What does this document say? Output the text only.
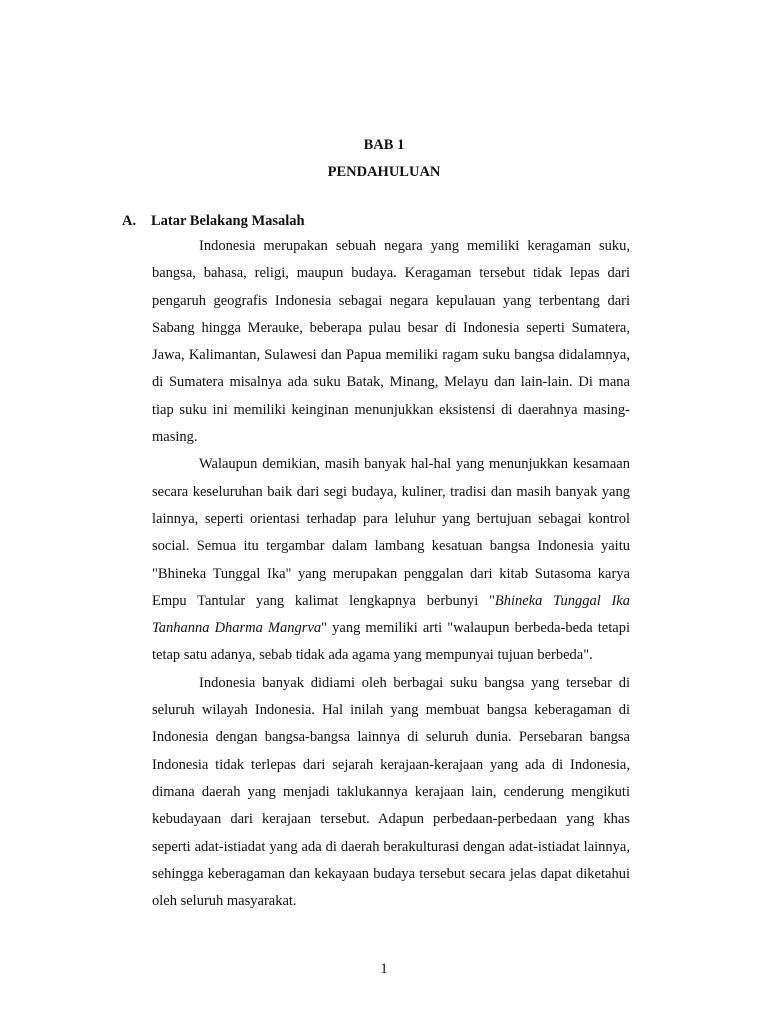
BAB 1
PENDAHULUAN
A. Latar Belakang Masalah

Indonesia merupakan sebuah negara yang memiliki keragaman suku, bangsa, bahasa, religi, maupun budaya. Keragaman tersebut tidak lepas dari pengaruh geografis Indonesia sebagai negara kepulauan yang terbentang dari Sabang hingga Merauke, beberapa pulau besar di Indonesia seperti Sumatera, Jawa, Kalimantan, Sulawesi dan Papua memiliki ragam suku bangsa didalamnya, di Sumatera misalnya ada suku Batak, Minang, Melayu dan lain-lain. Di mana tiap suku ini memiliki keinginan menunjukkan eksistensi di daerahnya masing-masing.

Walaupun demikian, masih banyak hal-hal yang menunjukkan kesamaan secara keseluruhan baik dari segi budaya, kuliner, tradisi dan masih banyak yang lainnya, seperti orientasi terhadap para leluhur yang bertujuan sebagai kontrol social. Semua itu tergambar dalam lambang kesatuan bangsa Indonesia yaitu "Bhineka Tunggal Ika" yang merupakan penggalan dari kitab Sutasoma karya Empu Tantular yang kalimat lengkapnya berbunyi "Bhineka Tunggal Ika Tanhanna Dharma Mangrva" yang memiliki arti "walaupun berbeda-beda tetapi tetap satu adanya, sebab tidak ada agama yang mempunyai tujuan berbeda".

Indonesia banyak didiami oleh berbagai suku bangsa yang tersebar di seluruh wilayah Indonesia. Hal inilah yang membuat bangsa keberagaman di Indonesia dengan bangsa-bangsa lainnya di seluruh dunia. Persebaran bangsa Indonesia tidak terlepas dari sejarah kerajaan-kerajaan yang ada di Indonesia, dimana daerah yang menjadi taklukannya kerajaan lain, cenderung mengikuti kebudayaan dari kerajaan tersebut. Adapun perbedaan-perbedaan yang khas seperti adat-istiadat yang ada di daerah berakulturasi dengan adat-istiadat lainnya, sehingga keberagaman dan kekayaan budaya tersebut secara jelas dapat diketahui oleh seluruh masyarakat.

1
